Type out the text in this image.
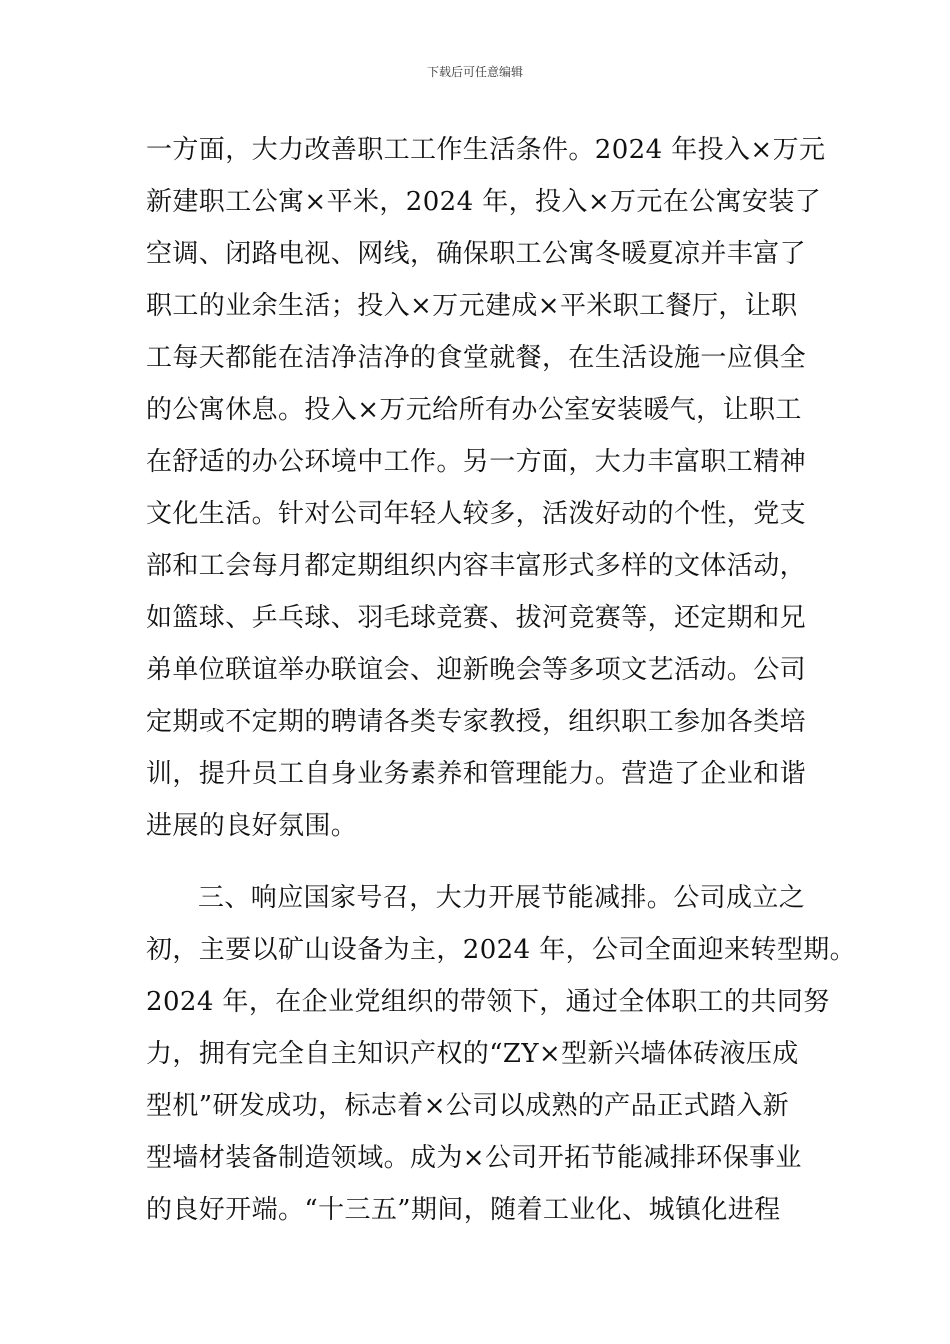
下载后可任意编辑
一方面，大力改善职工工作生活条件。2024 年投入×万元
新建职工公寓×平米，2024 年，投入×万元在公寓安装了
空调、闭路电视、网线，确保职工公寓冬暖夏凉并丰富了
职工的业余生活；投入×万元建成×平米职工餐厅，让职
工每天都能在洁净洁净的食堂就餐，在生活设施一应俱全
的公寓休息。投入×万元给所有办公室安装暖气，让职工
在舒适的办公环境中工作。另一方面，大力丰富职工精神
文化生活。针对公司年轻人较多，活泼好动的个性，党支
部和工会每月都定期组织内容丰富形式多样的文体活动，
如篮球、乒乓球、羽毛球竞赛、拔河竞赛等，还定期和兄
弟单位联谊举办联谊会、迎新晚会等多项文艺活动。公司
定期或不定期的聘请各类专家教授，组织职工参加各类培
训，提升员工自身业务素养和管理能力。营造了企业和谐
进展的良好氛围。
三、响应国家号召，大力开展节能减排。公司成立之
初，主要以矿山设备为主，2024 年，公司全面迎来转型期。
2024 年，在企业党组织的带领下，通过全体职工的共同努
力，拥有完全自主知识产权的“ZY×型新兴墙体砖液压成
型机”研发成功，标志着×公司以成熟的产品正式踏入新
型墙材装备制造领域。成为×公司开拓节能减排环保事业
的良好开端。“十三五”期间，随着工业化、城镇化进程
